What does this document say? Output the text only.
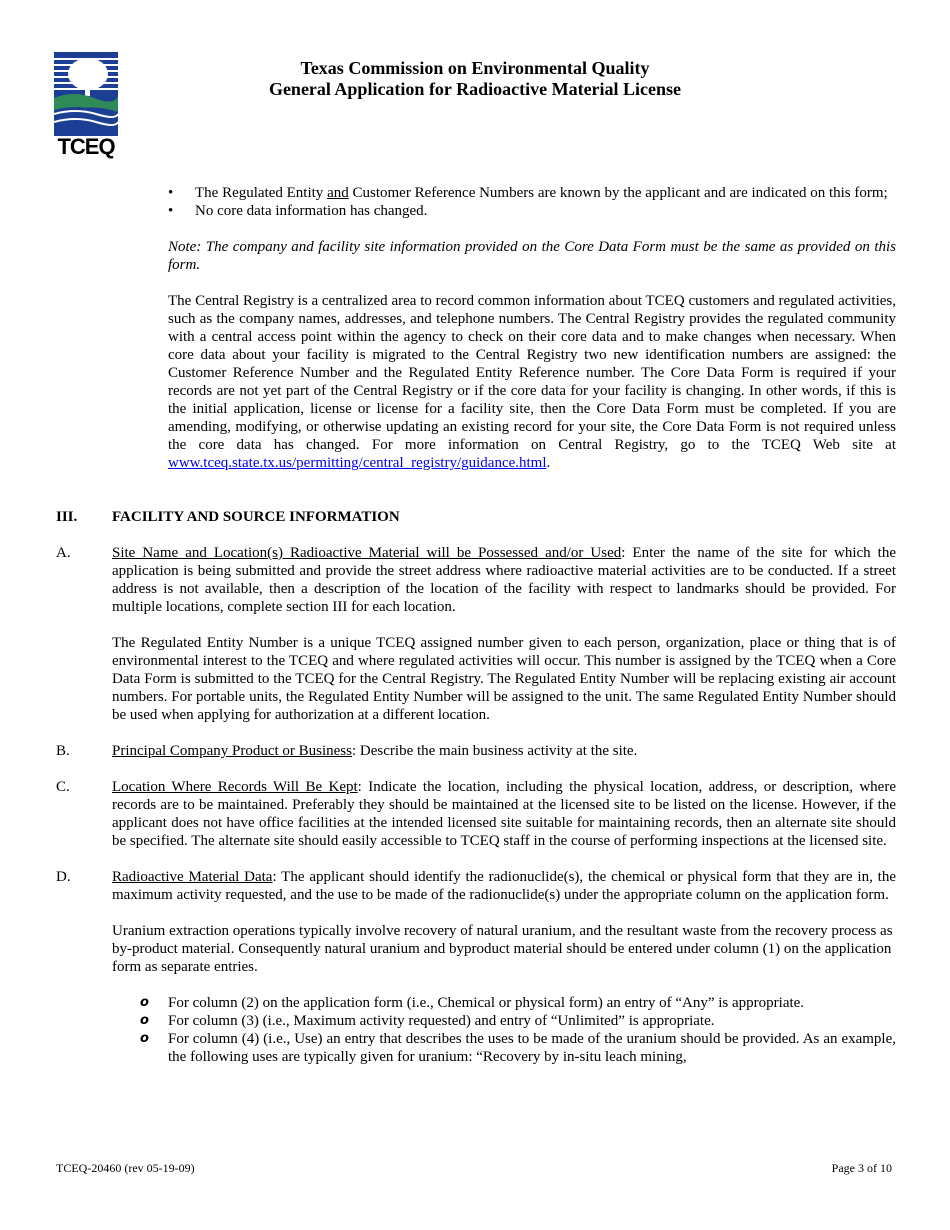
TCEQ
Texas Commission on Environmental Quality
General Application for Radioactive Material License
• The Regulated Entity and Customer Reference Numbers are known by the applicant and are indicated on this form;
• No core data information has changed.

Note: The company and facility site information provided on the Core Data Form must be the same as provided on this form.

The Central Registry is a centralized area to record common information about TCEQ customers and regulated activities, such as the company names, addresses, and telephone numbers. The Central Registry provides the regulated community with a central access point within the agency to check on their core data and to make changes when necessary. When core data about your facility is migrated to the Central Registry two new identification numbers are assigned: the Customer Reference Number and the Regulated Entity Reference number. The Core Data Form is required if your records are not yet part of the Central Registry or if the core data for your facility is changing. In other words, if this is the initial application, license or license for a facility site, then the Core Data Form must be completed. If you are amending, modifying, or otherwise updating an existing record for your site, the Core Data Form is not required unless the core data has changed. For more information on Central Registry, go to the TCEQ Web site at www.tceq.state.tx.us/permitting/central_registry/guidance.html.

III.	FACILITY AND SOURCE INFORMATION
A.	Site Name and Location(s) Radioactive Material will be Possessed and/or Used: Enter the name of the site for which the application is being submitted and provide the street address where radioactive material activities are to be conducted. If a street address is not available, then a description of the location of the facility with respect to landmarks should be provided. For multiple locations, complete section III for each location.

The Regulated Entity Number is a unique TCEQ assigned number given to each person, organization, place or thing that is of environmental interest to the TCEQ and where regulated activities will occur. This number is assigned by the TCEQ when a Core Data Form is submitted to the TCEQ for the Central Registry. The Regulated Entity Number will be replacing existing air account numbers. For portable units, the Regulated Entity Number will be assigned to the unit. The same Regulated Entity Number should be used when applying for authorization at a different location.

B.	Principal Company Product or Business: Describe the main business activity at the site.

C.	Location Where Records Will Be Kept: Indicate the location, including the physical location, address, or description, where records are to be maintained. Preferably they should be maintained at the licensed site to be listed on the license. However, if the applicant does not have office facilities at the intended licensed site suitable for maintaining records, then an alternate site should be specified. The alternate site should easily accessible to TCEQ staff in the course of performing inspections at the licensed site.

D.	Radioactive Material Data: The applicant should identify the radionuclide(s), the chemical or physical form that they are in, the maximum activity requested, and the use to be made of the radionuclide(s) under the appropriate column on the application form.

Uranium extraction operations typically involve recovery of natural uranium, and the resultant waste from the recovery process as by-product material. Consequently natural uranium and byproduct material should be entered under column (1) on the application form as separate entries.

o For column (2) on the application form (i.e., Chemical or physical form) an entry of “Any” is appropriate.
o For column (3) (i.e., Maximum activity requested) and entry of “Unlimited” is appropriate.
o For column (4) (i.e., Use) an entry that describes the uses to be made of the uranium should be provided. As an example, the following uses are typically given for uranium: “Recovery by in-situ leach mining,
TCEQ-20460 (rev 05-19-09)	Page 3 of 10
